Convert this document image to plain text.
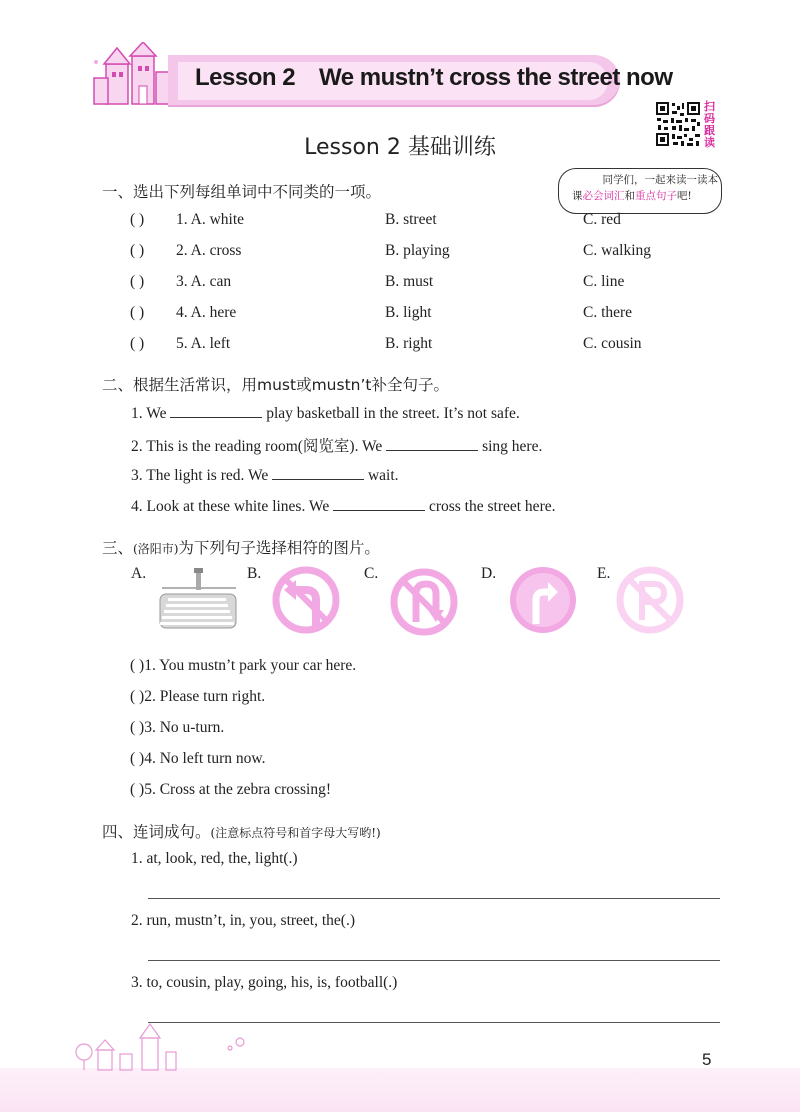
Lesson 2 We mustn’t cross the street now
扫码跟读
Lesson 2 基础训练
同学们，一起来读一读本
课必会词汇和重点句子吧!
一、选出下列每组单词中不同类的一项。
( ) 1. A. white	B. street	C. red
( ) 2. A. cross	B. playing	C. walking
( ) 3. A. can	B. must	C. line
( ) 4. A. here	B. light	C. there
( ) 5. A. left	B. right	C. cousin
二、根据生活常识，用must或mustn’t补全句子。
1. We	play basketball in the street. It’s not safe.
2. This is the reading room(阅览室). We	sing here.
3. The light is red. We	wait.
4. Look at these white lines. We	cross the street here.
三、(洛阳市)为下列句子选择相符的图片。
A.	B.	C.	D.	E.
( )1. You mustn’t park your car here.
( )2. Please turn right.
( )3. No u-turn.
( )4. No left turn now.
( )5. Cross at the zebra crossing!
四、连词成句。(注意标点符号和首字母大写哟!)
1. at, look, red, the, light(.)
2. run, mustn’t, in, you, street, the(.)
3. to, cousin, play, going, his, is, football(.)
5
